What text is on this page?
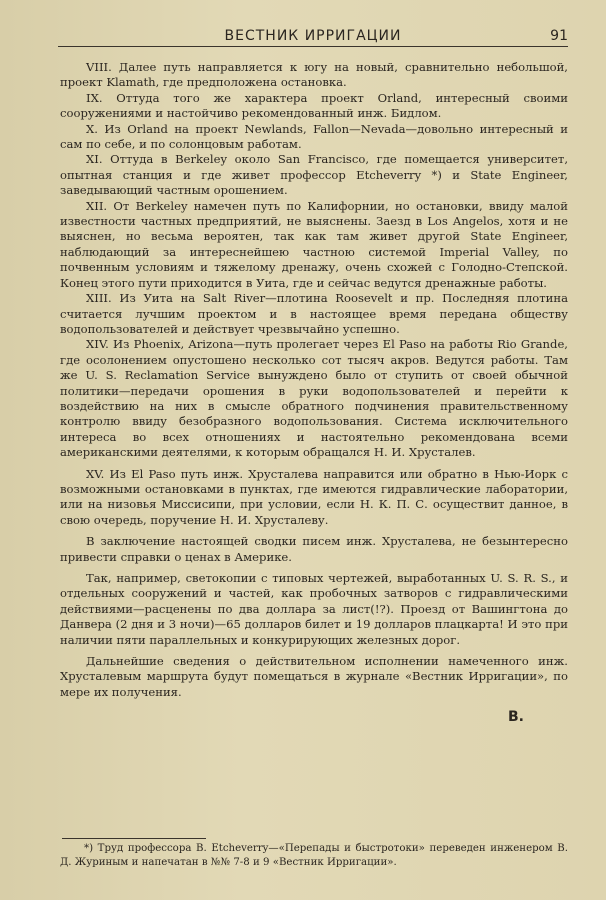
ВЕСТНИК ИРРИГАЦИИ	91

VIII. Далее путь направляется к югу на новый, сравнительно небольшой, проект Klamath, где предположена остановка.

IX. Оттуда того же характера проект Orland, интересный своими сооружениями и настойчиво рекомендованный инж. Бидлом.

X. Из Orland на проект Newlands, Fallon—Nevada—довольно интересный и сам по себе, и по солонцовым работам.

XI. Оттуда в Berkeley около San Francisco, где помещается университет, опытная станция и где живет профессор Etcheverry *) и State Engineer, заведывающий частным орошением.

XII. От Berkeley намечен путь по Калифорнии, но остановки, ввиду малой известности частных предприятий, не выяснены. Заезд в Los Angelos, хотя и не выяснен, но весьма вероятен, так как там живет другой State Engineer, наблюдающий за интереснейшею частною системой Imperial Valley, по почвенным условиям и тяжелому дренажу, очень схожей с Голодно-Степской. Конец этого пути приходится в Уита, где и сейчас ведутся дренажные работы.

XIII. Из Уита на Salt River—плотина Roosevelt и пр. Последняя плотина считается лучшим проектом и в настоящее время передана обществу водопользователей и действует чрезвычайно успешно.

XIV. Из Phoenix, Arizona—путь пролегает через El Paso на работы Rio Grande, где осолонением опустошено несколько сот тысяч акров. Ведутся работы. Там же U. S. Reclamation Service вынуждено было от ступить от своей обычной политики—передачи орошения в руки водопользователей и перейти к воздействию на них в смысле обратного подчинения правительственному контролю ввиду безобразного водопользования. Система исключительного интереса во всех отношениях и настоятельно рекомендована всеми американскими деятелями, к которым обращался Н. И. Хрусталев.

XV. Из El Paso путь инж. Хрусталева направится или обратно в Нью-Иорк с возможными остановками в пунктах, где имеются гидравлические лаборатории, или на низовья Миссисипи, при условии, если Н. К. П. С. осуществит данное, в свою очередь, поручение Н. И. Хрусталеву.

В заключение настоящей сводки писем инж. Хрусталева, не безынтересно привести справки о ценах в Америке.

Так, например, светокопии с типовых чертежей, выработанных U. S. R. S., и отдельных сооружений и частей, как пробочных затворов с гидравлическими действиями—расценены по два доллара за лист(!?). Проезд от Вашингтона до Данвера (2 дня и 3 ночи)—65 долларов билет и 19 долларов плацкарта! И это при наличии пяти параллельных и конкурирующих железных дорог.

Дальнейшие сведения о действительном исполнении намеченного инж. Хрусталевым маршрута будут помещаться в журнале «Вестник Ирригации», по мере их получения.

В.
*) Труд профессора В. Etcheverry—«Перепады и быстротоки» переведен инженером В. Д. Журиным и напечатан в №№ 7-8 и 9 «Вестник Ирригации».
